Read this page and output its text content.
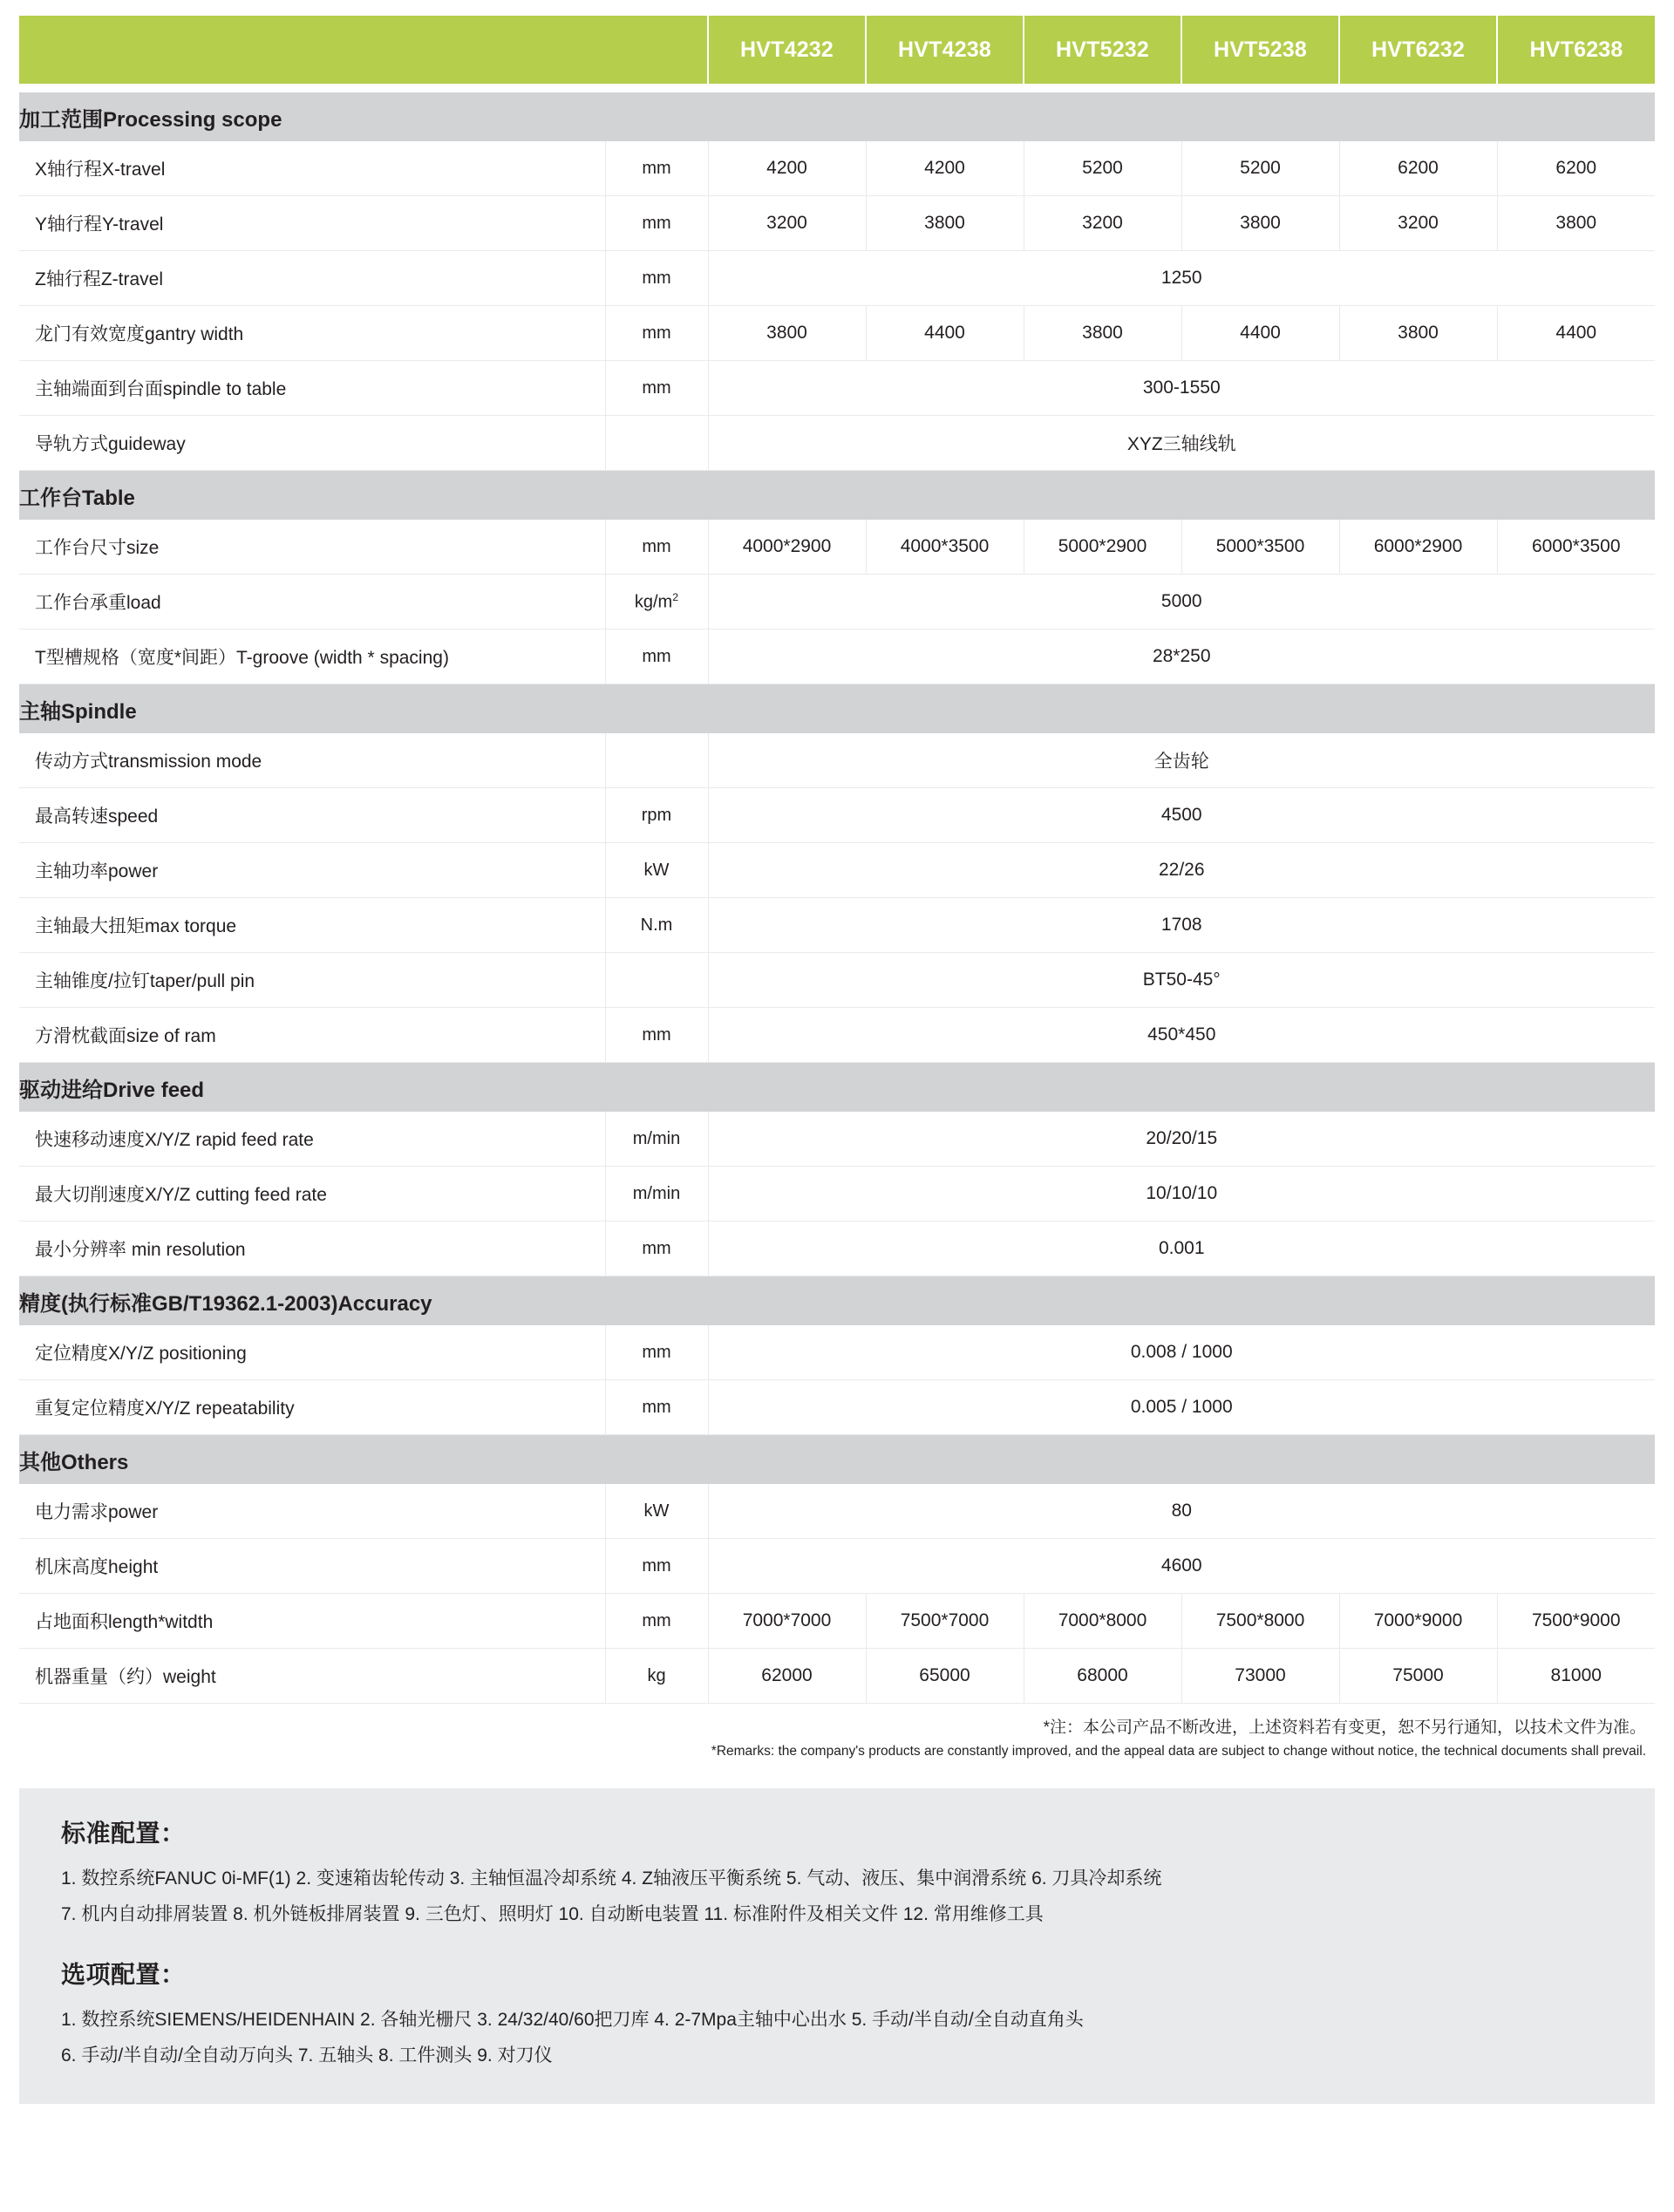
		HVT4232	HVT4238	HVT5232	HVT5238	HVT6232	HVT6238

加工范围Processing scope							
X轴行程X-travel	mm	4200	4200	5200	5200	6200	6200
Y轴行程Y-travel	mm	3200	3800	3200	3800	3200	3800
Z轴行程Z-travel	mm	1250					
龙门有效宽度gantry width	mm	3800	4400	3800	4400	3800	4400
主轴端面到台面spindle to table	mm	300-1550					
导轨方式guideway		XYZ三轴线轨					
工作台Table							
工作台尺寸size	mm	4000*2900	4000*3500	5000*2900	5000*3500	6000*2900	6000*3500
工作台承重load	$kg/m^2$	5000					
T型槽规格（宽度*间距）T-groove (width * spacing)	mm	28*250					
主轴Spindle							
传动方式transmission mode		全齿轮					
最高转速speed	rpm	4500					
主轴功率power	kW	22/26					
主轴最大扭矩max torque	N.m	1708					
主轴锥度/拉钉taper/pull pin		BT50-45°					
方滑枕截面size of ram	mm	450*450					
驱动进给Drive feed							
快速移动速度X/Y/Z rapid feed rate	m/min	20/20/15					
最大切削速度X/Y/Z cutting feed rate	m/min	10/10/10					
最小分辨率 min resolution	mm	0.001					
精度(执行标准GB/T19362.1-2003)Accuracy							
定位精度X/Y/Z positioning	mm	0.008 / 1000					
重复定位精度X/Y/Z repeatability	mm	0.005 / 1000					
其他Others							
电力需求power	kW	80					
机床高度height	mm	4600					
占地面积length*witdth	mm	7000*7000	7500*7000	7000*8000	7500*8000	7000*9000	7500*9000
机器重量（约）weight	kg	62000	65000	68000	73000	75000	81000
*注：本公司产品不断改进，上述资料若有变更，恕不另行通知，以技术文件为准。
*Remarks: the company's products are constantly improved, and the appeal data are subject to change without notice, the technical documents shall prevail.
标准配置：
1. 数控系统FANUC 0i-MF(1) 2. 变速箱齿轮传动 3. 主轴恒温冷却系统 4. Z轴液压平衡系统 5. 气动、液压、集中润滑系统 6. 刀具冷却系统
7. 机内自动排屑装置 8. 机外链板排屑装置 9. 三色灯、照明灯 10. 自动断电装置 11. 标准附件及相关文件 12. 常用维修工具
选项配置：
1. 数控系统SIEMENS/HEIDENHAIN 2. 各轴光栅尺 3. 24/32/40/60把刀库 4. 2-7Mpa主轴中心出水 5. 手动/半自动/全自动直角头
6. 手动/半自动/全自动万向头 7. 五轴头 8. 工件测头 9. 对刀仪
